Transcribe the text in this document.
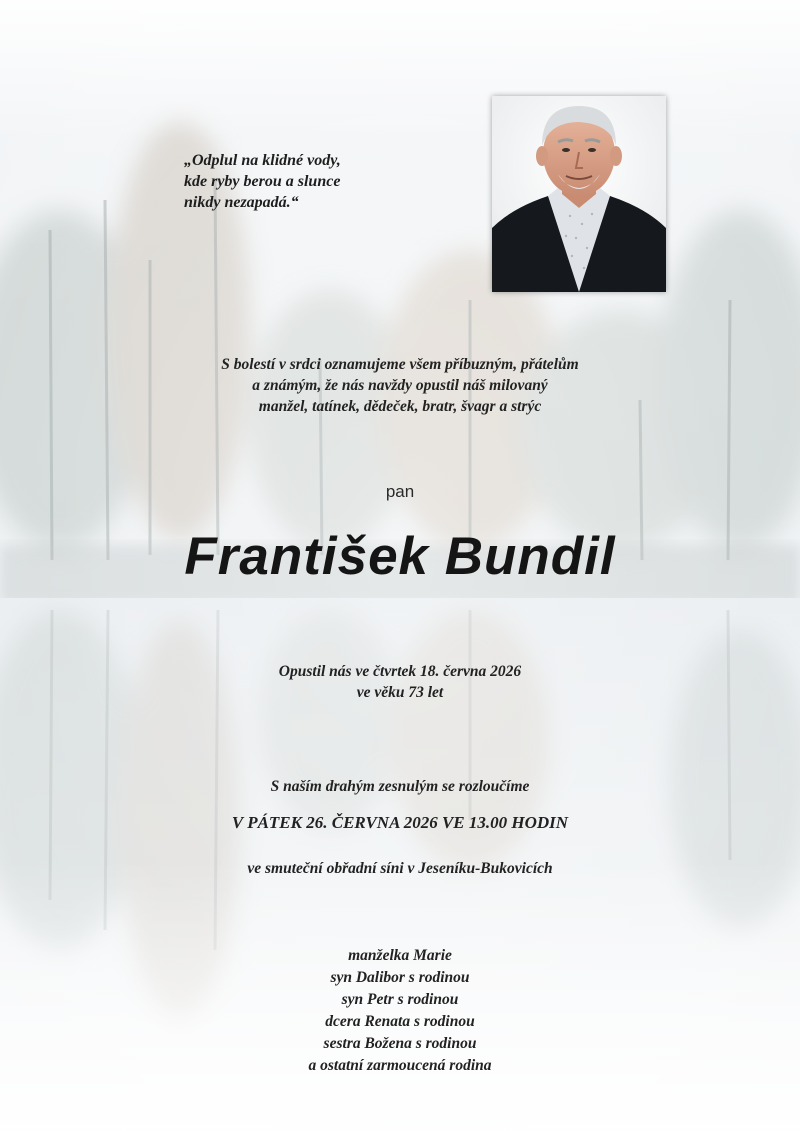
„Odplul na klidné vody,
kde ryby berou a slunce
nikdy nezapadá.“
S bolestí v srdci oznamujeme všem příbuzným, přátelům
a známým, že nás navždy opustil náš milovaný
manžel, tatínek, dědeček, bratr, švagr a strýc
pan
František Bundil
Opustil nás ve čtvrtek 18. června 2026
ve věku 73 let
S naším drahým zesnulým se rozloučíme
V PÁTEK 26. ČERVNA 2026 VE 13.00 HODIN
ve smuteční obřadní síni v Jeseníku-Bukovicích
manželka Marie
syn Dalibor s rodinou
syn Petr s rodinou
dcera Renata s rodinou
sestra Božena s rodinou
a ostatní zarmoucená rodina
